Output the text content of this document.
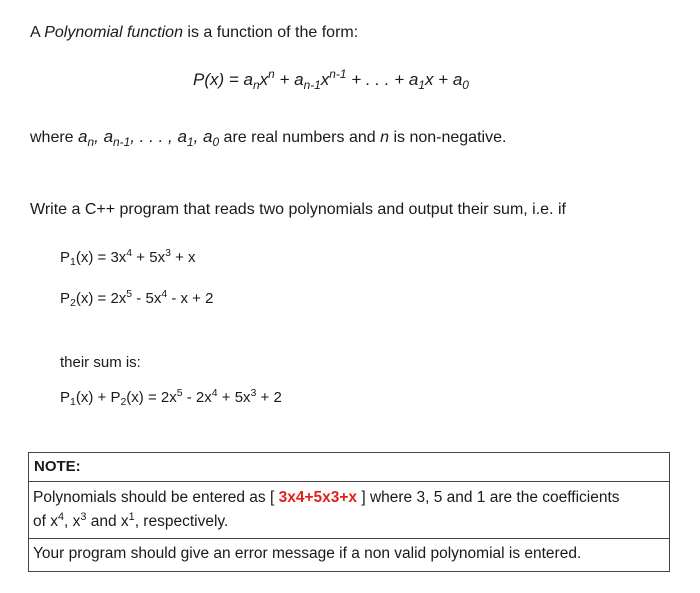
A Polynomial function is a function of the form:
$P(x) = a_nx^n + a_{n-1}x^{n-1}$ + . . . + $a_1x + a_0$
where $a_n$, $a_{n-1}$, . . . , $a_1$, $a_0$ are real numbers and n is non-negative.
Write a C++ program that reads two polynomials and output their sum, i.e. if
$P_1(x) = 3x^4 + 5x^3 + x$
$P_2(x) = 2x^5 - 5x^4 - x + 2$
their sum is:
$P_1(x) + P_2(x) = 2x^5 - 2x^4 + 5x^3 + 2$
NOTE:
Polynomials should be entered as [ 3x4+5x3+x ] where 3, 5 and 1 are the coefficients
of $x^4$, $x^3$ and $x^1$, respectively.
Your program should give an error message if a non valid polynomial is entered.
